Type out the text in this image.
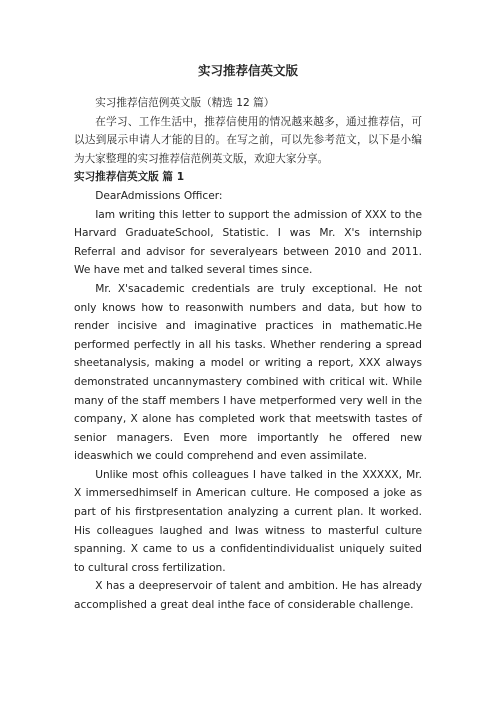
实习推荐信英文版

实习推荐信范例英文版（精选 12 篇）

在学习、工作生活中，推荐信使用的情况越来越多，通过推荐信，可以达到展示申请人才能的目的。在写之前，可以先参考范文，以下是小编为大家整理的实习推荐信范例英文版，欢迎大家分享。

实习推荐信英文版 篇 1

DearAdmissions Officer:

Iam writing this letter to support the admission of XXX to the Harvard GraduateSchool, Statistic. I was Mr. X's internship Referral and advisor for severalyears between 2010 and 2011. We have met and talked several times since.

Mr. X'sacademic credentials are truly exceptional. He not only knows how to reasonwith numbers and data, but how to render incisive and imaginative practices in mathematic.He performed perfectly in all his tasks. Whether rendering a spread sheetanalysis, making a model or writing a report, XXX always demonstrated uncannymastery combined with critical wit. While many of the staff members I have metperformed very well in the company, X alone has completed work that meetswith tastes of senior managers. Even more importantly he offered new ideaswhich we could comprehend and even assimilate.

Unlike most ofhis colleagues I have talked in the XXXXX, Mr. X immersedhimself in American culture. He composed a joke as part of his firstpresentation analyzing a current plan. It worked. His colleagues laughed and Iwas witness to masterful culture spanning. X came to us a confidentindividualist uniquely suited to cultural cross fertilization.

X has a deepreservoir of talent and ambition. He has already accomplished a great deal inthe face of considerable challenge.
